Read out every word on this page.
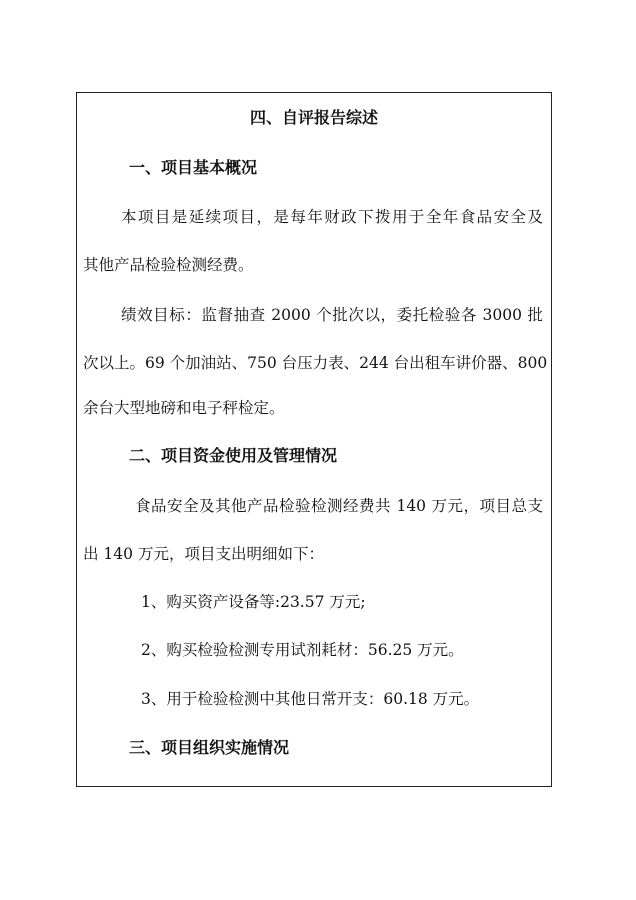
四、自评报告综述
一、项目基本概况
本项目是延续项目，是每年财政下拨用于全年食品安全及
其他产品检验检测经费。
绩效目标：监督抽查 2000 个批次以，委托检验各 3000 批
次以上。69 个加油站、750 台压力表、244 台出租车讲价器、800
余台大型地磅和电子秤检定。
二、项目资金使用及管理情况
食品安全及其他产品检验检测经费共 140 万元，项目总支
出 140 万元，项目支出明细如下：
1、购买资产设备等:23.57 万元;
2、购买检验检测专用试剂耗材：56.25 万元。
3、用于检验检测中其他日常开支：60.18 万元。
三、项目组织实施情况
